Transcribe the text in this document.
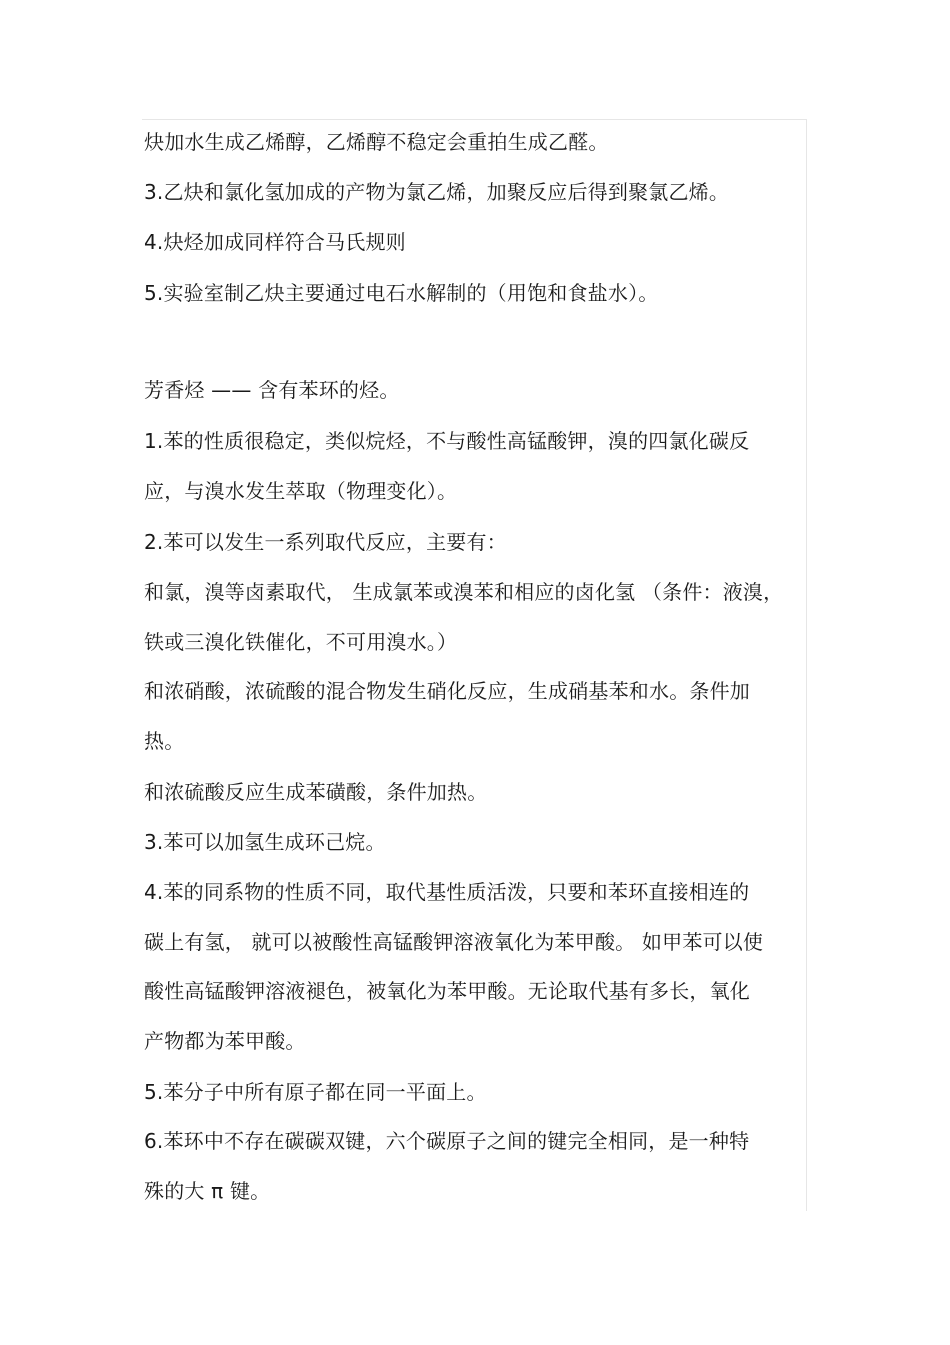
炔加水生成乙烯醇，乙烯醇不稳定会重拍生成乙醛。
3.乙炔和氯化氢加成的产物为氯乙烯，加聚反应后得到聚氯乙烯。
4.炔烃加成同样符合马氏规则
5.实验室制乙炔主要通过电石水解制的（用饱和食盐水）。
芳香烃 —— 含有苯环的烃。
1.苯的性质很稳定，类似烷烃，不与酸性高锰酸钾，溴的四氯化碳反
应，与溴水发生萃取（物理变化）。
2.苯可以发生一系列取代反应，主要有：
和氯，溴等卤素取代， 生成氯苯或溴苯和相应的卤化氢 （条件：液溴，
铁或三溴化铁催化，不可用溴水。）
和浓硝酸，浓硫酸的混合物发生硝化反应，生成硝基苯和水。条件加
热。
和浓硫酸反应生成苯磺酸，条件加热。
3.苯可以加氢生成环己烷。
4.苯的同系物的性质不同，取代基性质活泼，只要和苯环直接相连的
碳上有氢， 就可以被酸性高锰酸钾溶液氧化为苯甲酸。 如甲苯可以使
酸性高锰酸钾溶液褪色，被氧化为苯甲酸。无论取代基有多长，氧化
产物都为苯甲酸。
5.苯分子中所有原子都在同一平面上。
6.苯环中不存在碳碳双键，六个碳原子之间的键完全相同，是一种特
殊的大 π 键。
